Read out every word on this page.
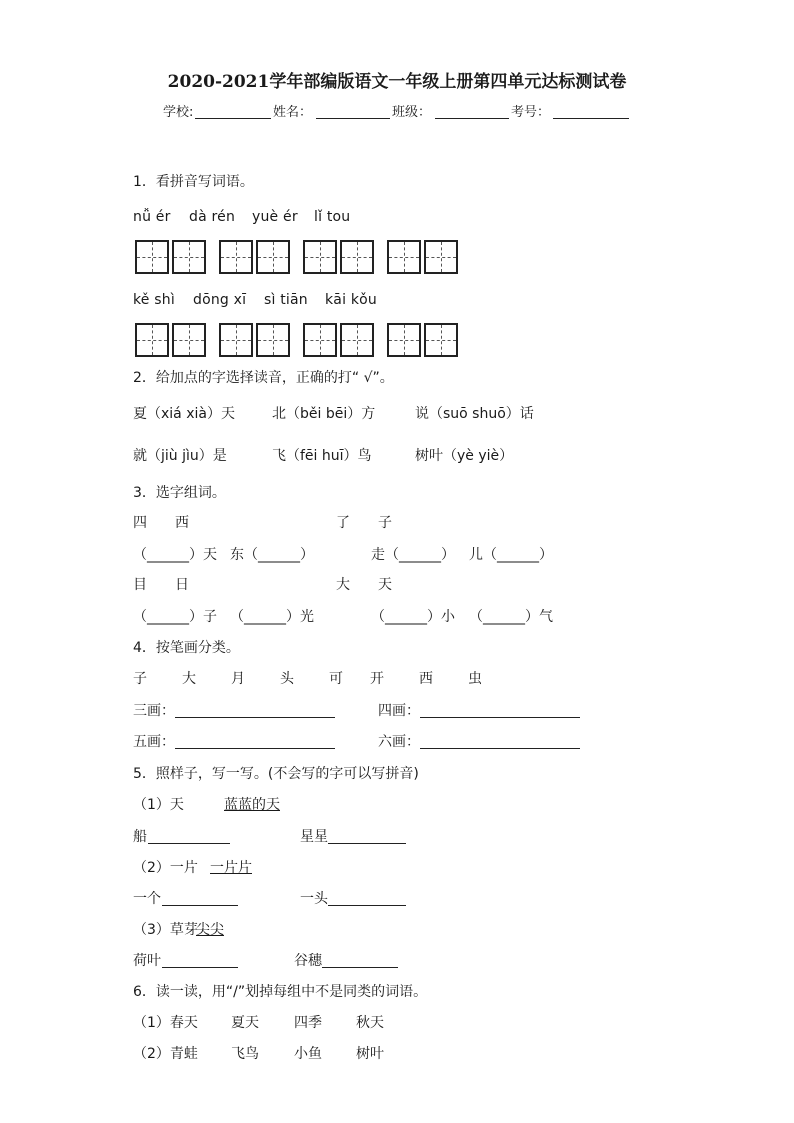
2020-2021学年部编版语文一年级上册第四单元达标测试卷
学校:	姓名：	班级：	考号：
1．看拼音写词语。
nǚ ér dà rén yuè ér lǐ tou
kě shì dōng xī sì tiān kāi kǒu
2．给加点的字选择读音，正确的打“ √”。
夏（xiá xià）天	北（běi bēi）方	说（suō shuō）话
就（jiù jìu）是	飞（fēi huī）鸟	树叶（yè yiè）
3．选字组词。
四 西	了 子
（______）天 东（______）	走（______） 儿（______）
目 日	大 天
（______）子 （______）光	（______）小 （______）气
4．按笔画分类。
子	大	月	头	可 开	西	虫
三画：	四画：
五画：	六画：
5．照样子，写一写。(不会写的字可以写拼音)
（1）天	蓝蓝的天
船	星星
（2）一片 一片片
一个	一头
（3）草芽
尖尖
荷叶	谷穗
6．读一读，用“/”划掉每组中不是同类的词语。
（1）春天 夏天	四季 秋天
（2）青蛙 飞鸟	小鱼 树叶
